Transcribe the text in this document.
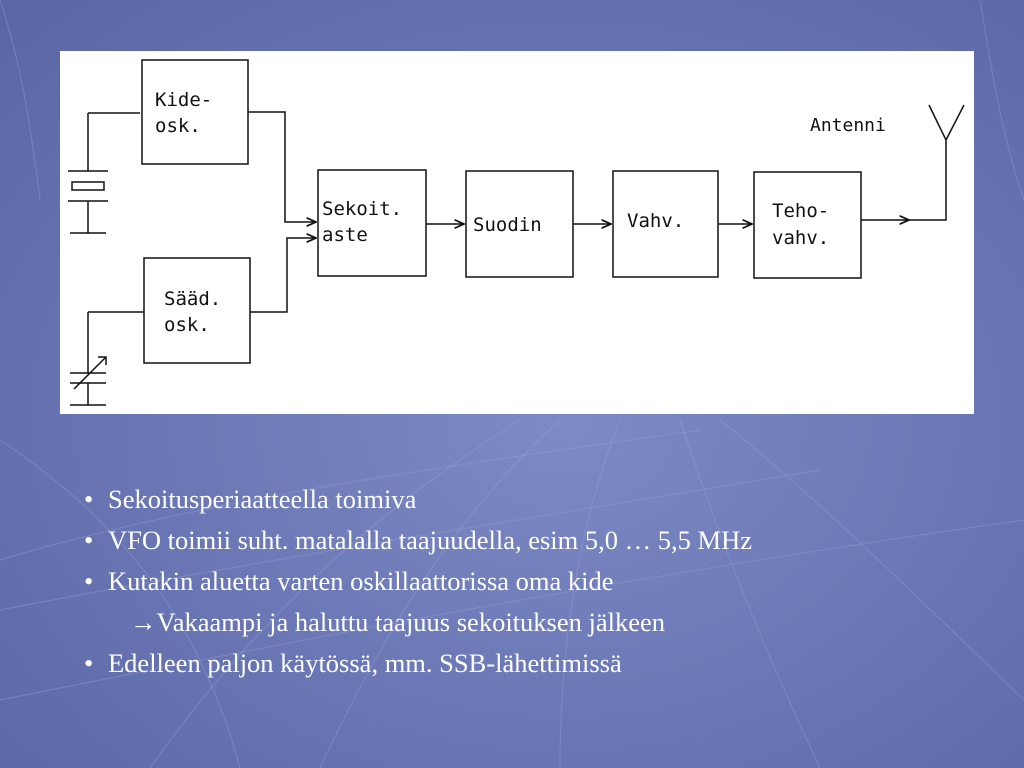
Antenni
Kide-
osk.
Sääd.
osk.
Sekoit.
aste	Suodin	Vahv.	Teho-
vahv.
• Sekoitusperiaatteella toimiva
• VFO toimii suht. matalalla taajuudella, esim 5,0 … 5,5 MHz
• Kutakin aluetta varten oskillaattorissa oma kide
→Vakaampi ja haluttu taajuus sekoituksen jälkeen
• Edelleen paljon käytössä, mm. SSB-lähettimissä
